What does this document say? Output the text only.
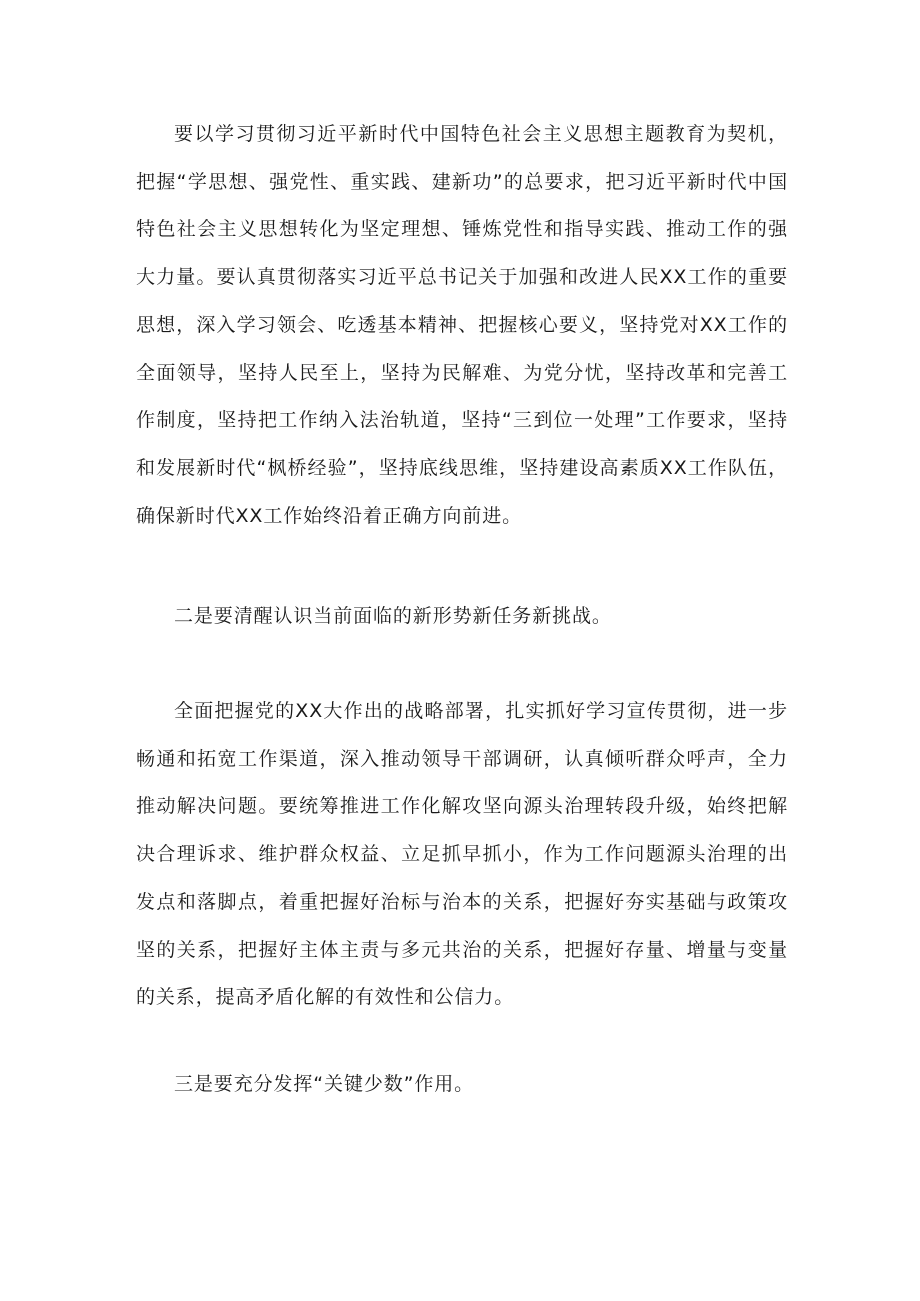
要以学习贯彻习近平新时代中国特色社会主义思想主题教育为契机，把握“学思想、强党性、重实践、建新功”的总要求，把习近平新时代中国特色社会主义思想转化为坚定理想、锤炼党性和指导实践、推动工作的强大力量。要认真贯彻落实习近平总书记关于加强和改进人民XX工作的重要思想，深入学习领会、吃透基本精神、把握核心要义，坚持党对XX工作的全面领导，坚持人民至上，坚持为民解难、为党分忧，坚持改革和完善工作制度，坚持把工作纳入法治轨道，坚持“三到位一处理”工作要求，坚持和发展新时代“枫桥经验”，坚持底线思维，坚持建设高素质XX工作队伍，确保新时代XX工作始终沿着正确方向前进。

二是要清醒认识当前面临的新形势新任务新挑战。

全面把握党的XX大作出的战略部署，扎实抓好学习宣传贯彻，进一步畅通和拓宽工作渠道，深入推动领导干部调研，认真倾听群众呼声，全力推动解决问题。要统筹推进工作化解攻坚向源头治理转段升级，始终把解决合理诉求、维护群众权益、立足抓早抓小，作为工作问题源头治理的出发点和落脚点，着重把握好治标与治本的关系，把握好夯实基础与政策攻坚的关系，把握好主体主责与多元共治的关系，把握好存量、增量与变量的关系，提高矛盾化解的有效性和公信力。

三是要充分发挥“关键少数”作用。
